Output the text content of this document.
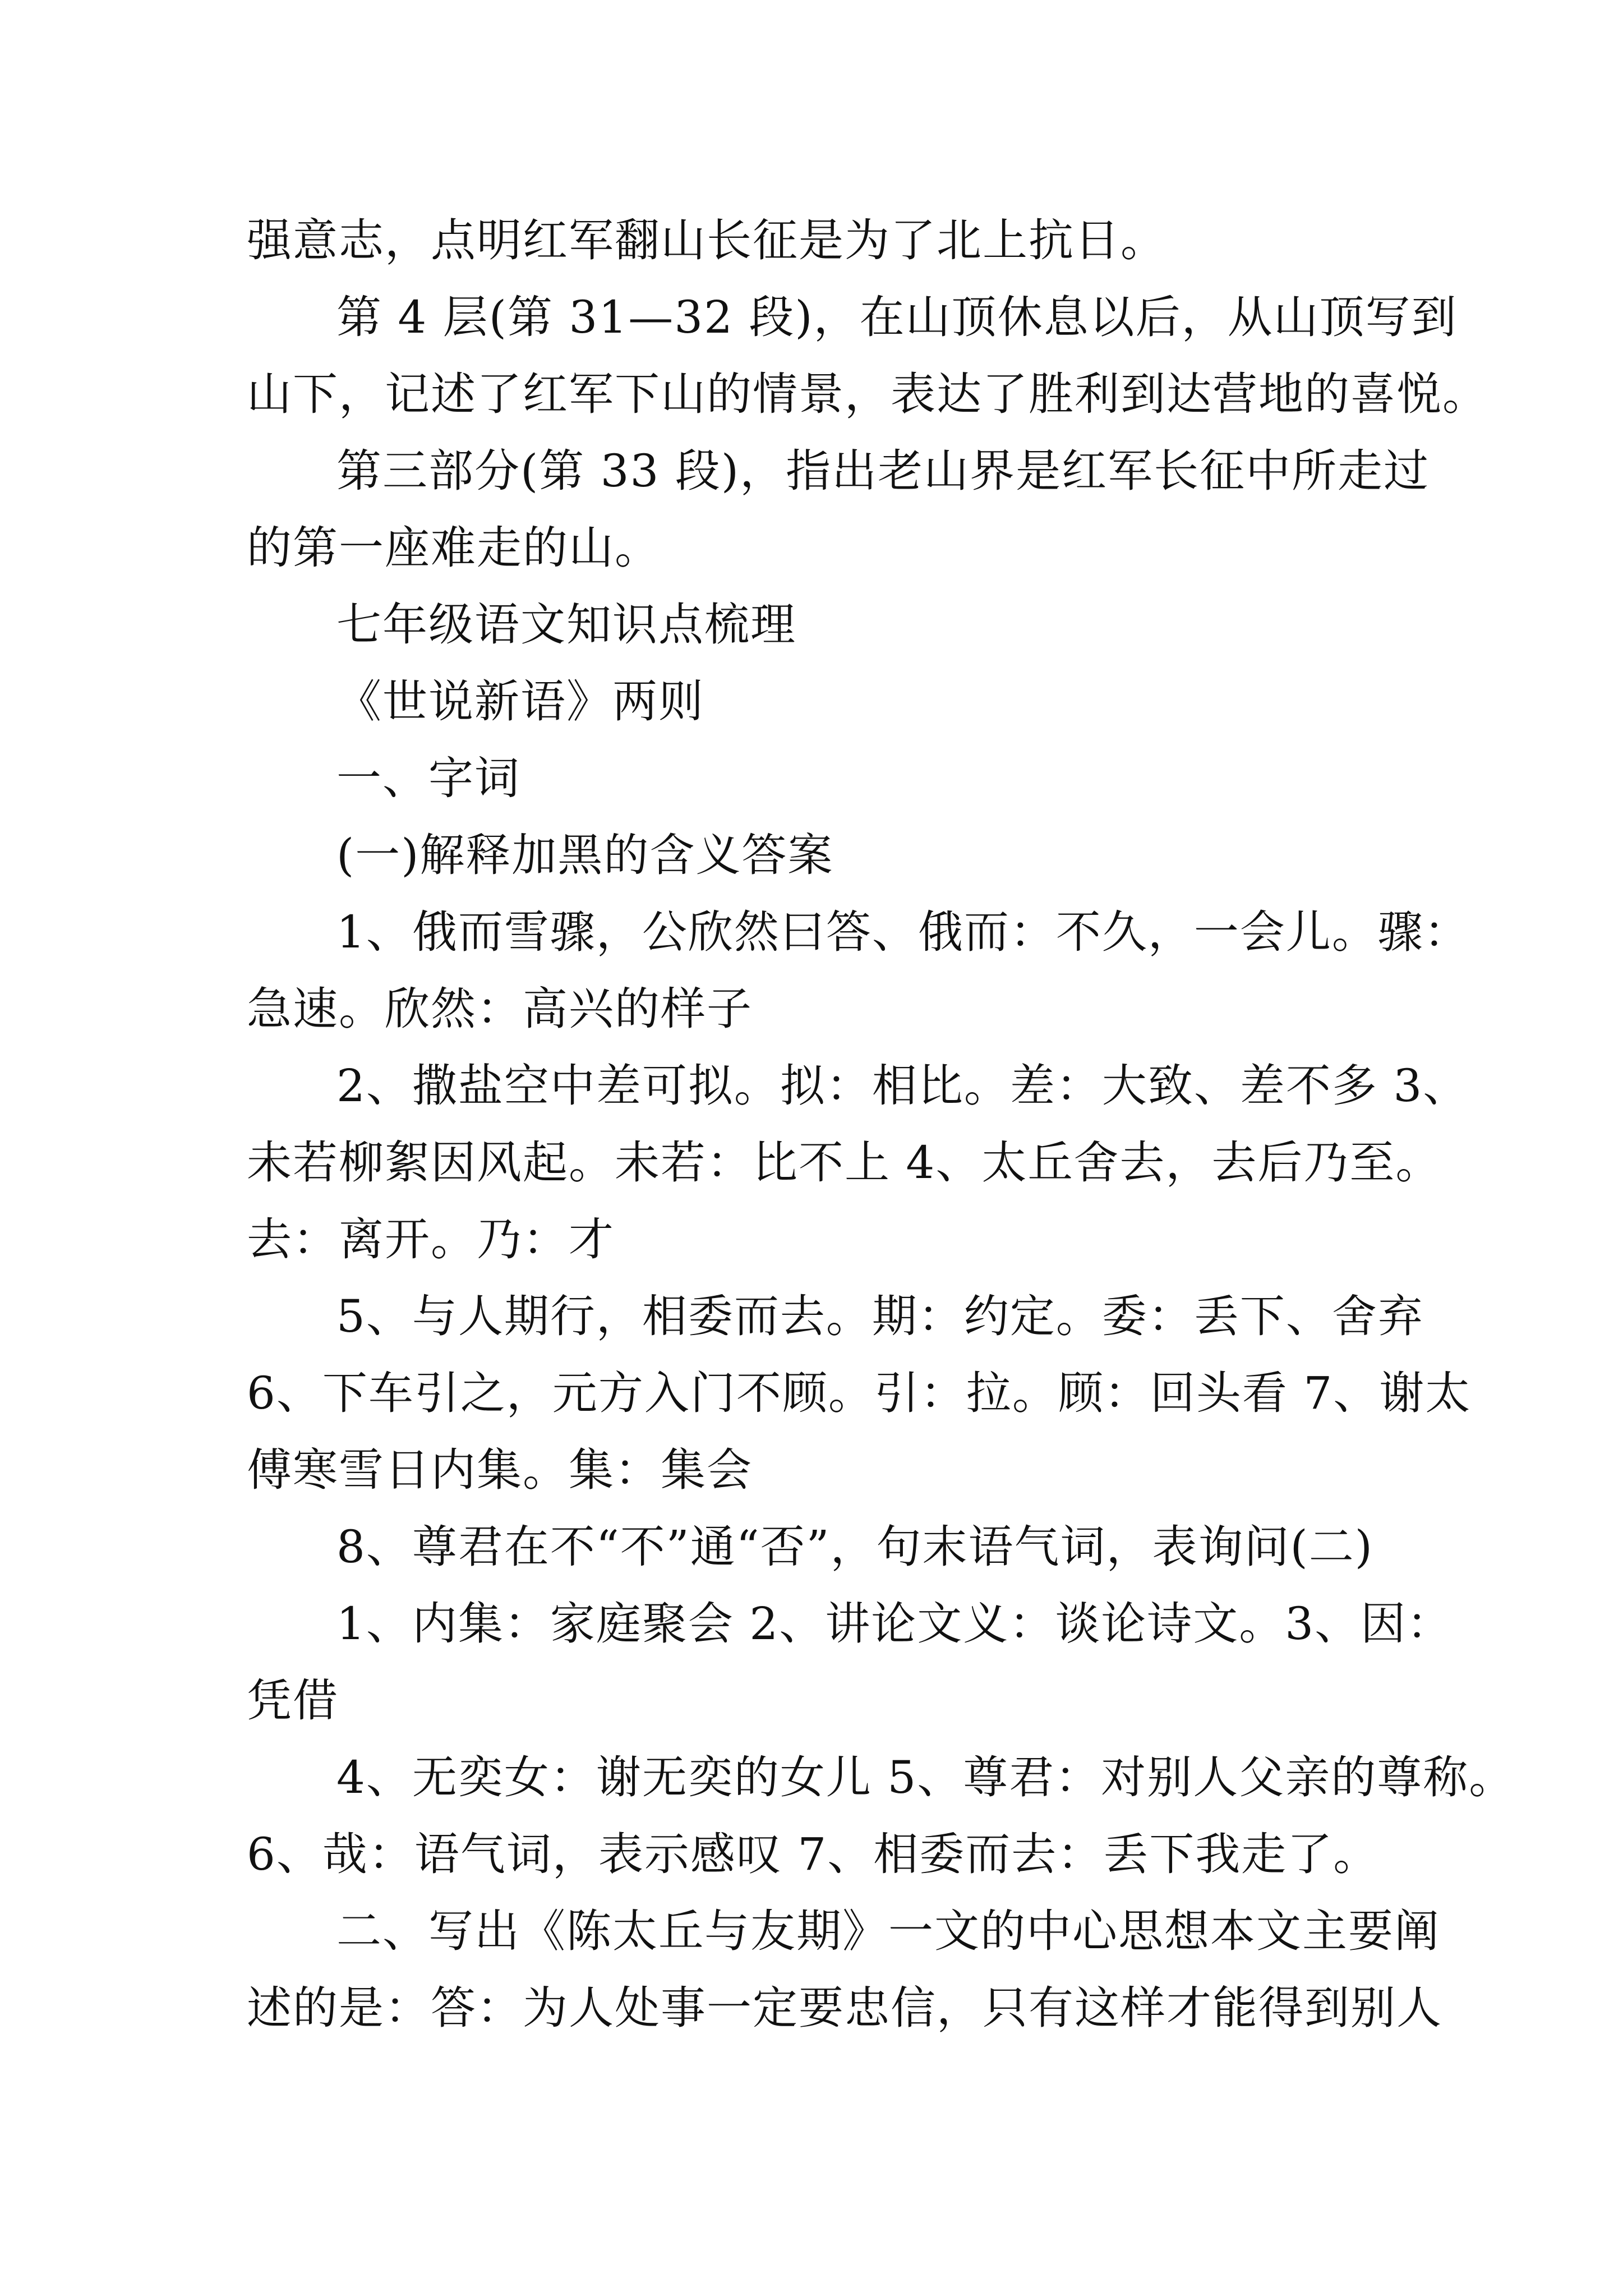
强意志，点明红军翻山长征是为了北上抗日。
第 4 层(第 31—32 段)，在山顶休息以后，从山顶写到
山下，记述了红军下山的情景，表达了胜利到达营地的喜悦。
第三部分(第 33 段)，指出老山界是红军长征中所走过
的第一座难走的山。
七年级语文知识点梳理
《世说新语》两则
一、字词
(一)解释加黑的含义答案
1、俄而雪骤，公欣然曰答、俄而：不久，一会儿。骤：
急速。欣然：高兴的样子
2、撒盐空中差可拟。拟：相比。差：大致、差不多 3、
未若柳絮因风起。未若：比不上 4、太丘舍去，去后乃至。
去：离开。乃：才
5、与人期行，相委而去。期：约定。委：丢下、舍弃
6、下车引之，元方入门不顾。引：拉。顾：回头看 7、谢太
傅寒雪日内集。集：集会
8、尊君在不“不”通“否”，句末语气词，表询问(二)
1、内集：家庭聚会 2、讲论文义：谈论诗文。3、因：
凭借
4、无奕女：谢无奕的女儿 5、尊君：对别人父亲的尊称。
6、哉：语气词，表示感叹 7、相委而去：丢下我走了。
二、写出《陈太丘与友期》一文的中心思想本文主要阐
述的是：答：为人处事一定要忠信，只有这样才能得到别人
